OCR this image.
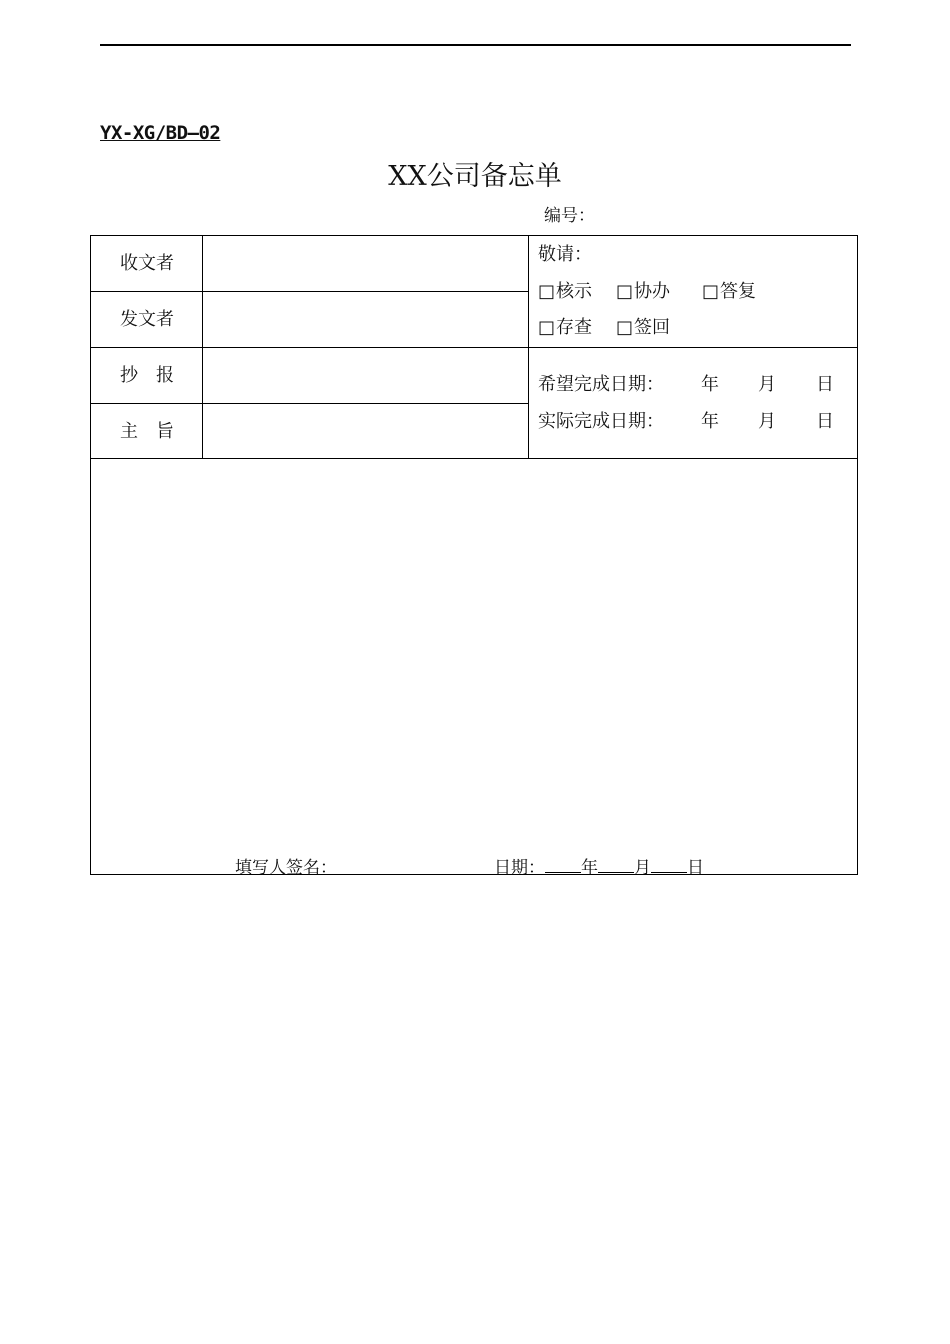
YX-XG/BD—02
XX公司备忘单
编号：
收文者
发文者
抄　报
主　旨
敬请：
□核示 □协办 □答复
□存查 □签回
希望完成日期： 年 月 日
实际完成日期： 年 月 日
填写人签名：	日期： 年 月 日
